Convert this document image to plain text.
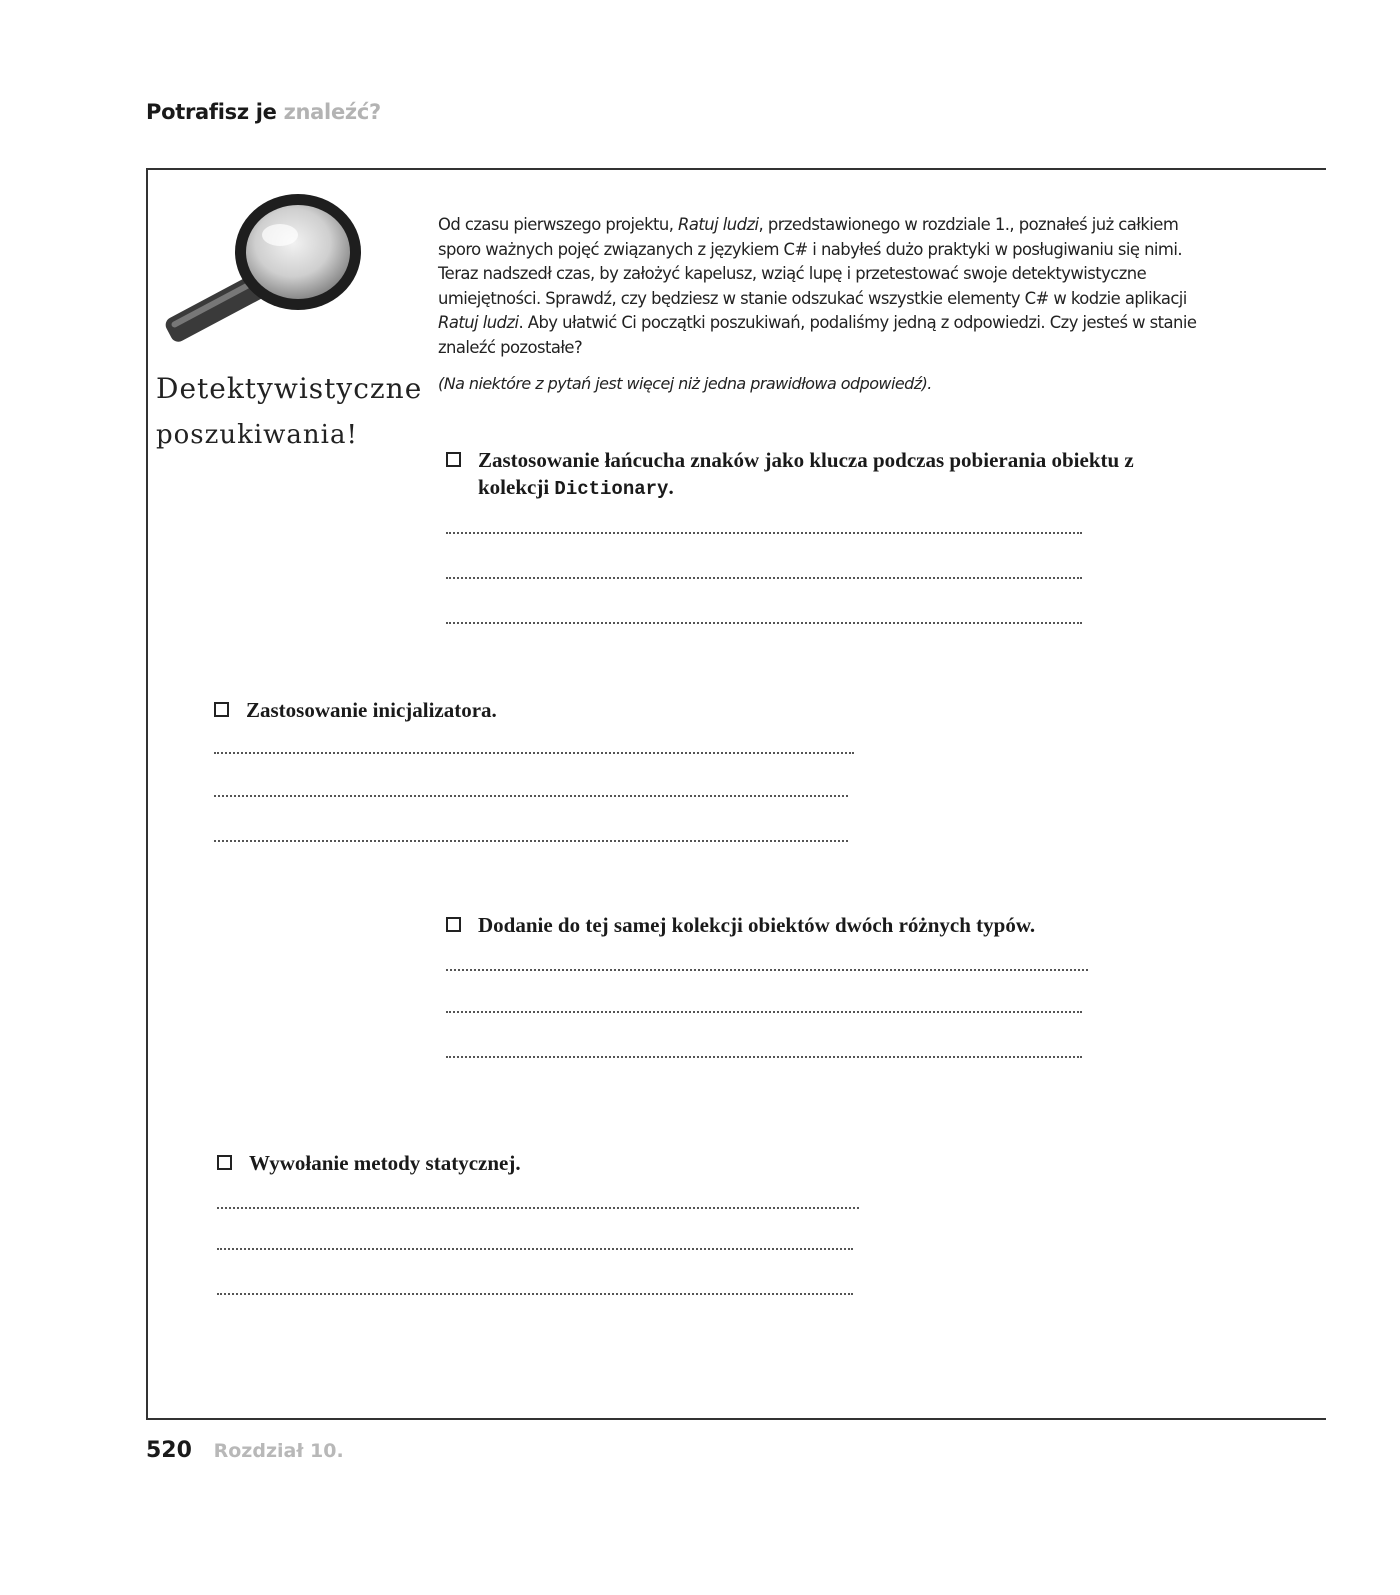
Potrafisz je znaleźć?
Detektywistyczne
poszukiwania!

Od czasu pierwszego projektu, Ratuj ludzi, przedstawionego w rozdziale 1., poznałeś już całkiem sporo ważnych pojęć związanych z językiem C# i nabyłeś dużo praktyki w posługiwaniu się nimi. Teraz nadszedł czas, by założyć kapelusz, wziąć lupę i przetestować swoje detektywistyczne umiejętności. Sprawdź, czy będziesz w stanie odszukać wszystkie elementy C# w kodzie aplikacji Ratuj ludzi. Aby ułatwić Ci początki poszukiwań, podaliśmy jedną z odpowiedzi. Czy jesteś w stanie znaleźć pozostałe?

(Na niektóre z pytań jest więcej niż jedna prawidłowa odpowiedź).
Zastosowanie łańcucha znaków jako klucza podczas pobierania obiektu z kolekcji Dictionary.
Zastosowanie inicjalizatora.
Dodanie do tej samej kolekcji obiektów dwóch różnych typów.
Wywołanie metody statycznej.
520 Rozdział 10.
